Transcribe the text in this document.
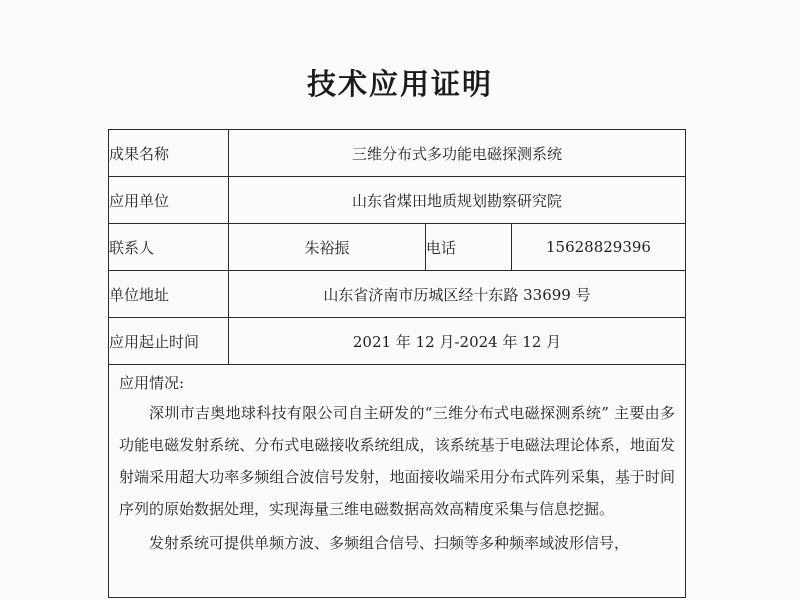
技术应用证明
成果名称	三维分布式多功能电磁探测系统		
应用单位	山东省煤田地质规划勘察研究院		
联系人	朱裕振	电话	15628829396
单位地址	山东省济南市历城区经十东路 33699 号		
应用起止时间	2021 年 12 月-2024 年 12 月		

应用情况:

深圳市吉奥地球科技有限公司自主研发的“三维分布式电磁探测系统” 主要由多功能电磁发射系统、分布式电磁接收系统组成，该系统基于电磁法理论体系，地面发射端采用超大功率多频组合波信号发射，地面接收端采用分布式阵列采集，基于时间序列的原始数据处理，实现海量三维电磁数据高效高精度采集与信息挖掘。

发射系统可提供单频方波、多频组合信号、扫频等多种频率域波形信号，			
